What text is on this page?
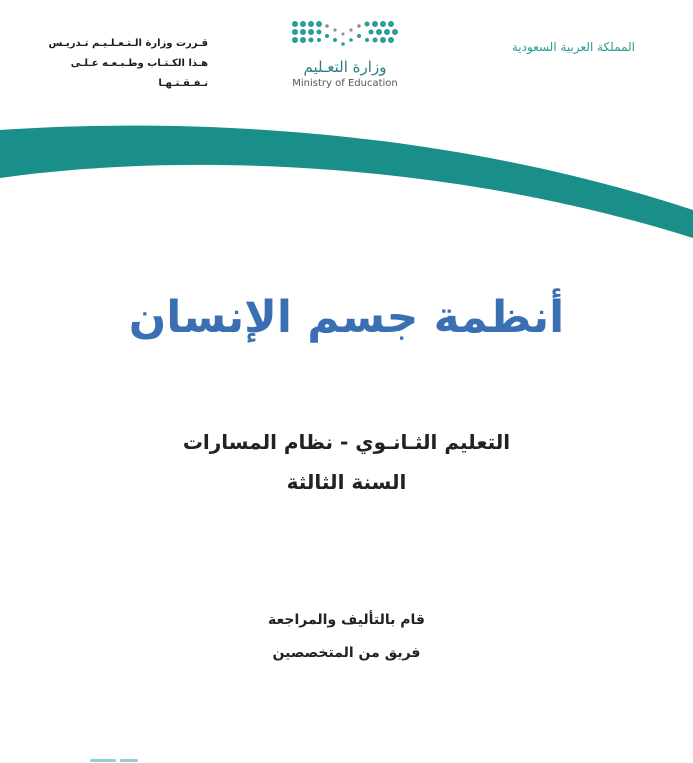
قـررت وزارة الـتـعـلـيـم تـدريـس
هـذا الكـتـاب وطـبـعـه عـلـى نـفـقـتـهـا
وزارة التعـليم
Ministry of Education
المملكة العربية السعودية
أنظمة جسم الإنسان
التعليم الثـانـوي - نظام المسارات
السنة الثالثة
قام بالتأليف والمراجعة
فريق من المتخصصين
